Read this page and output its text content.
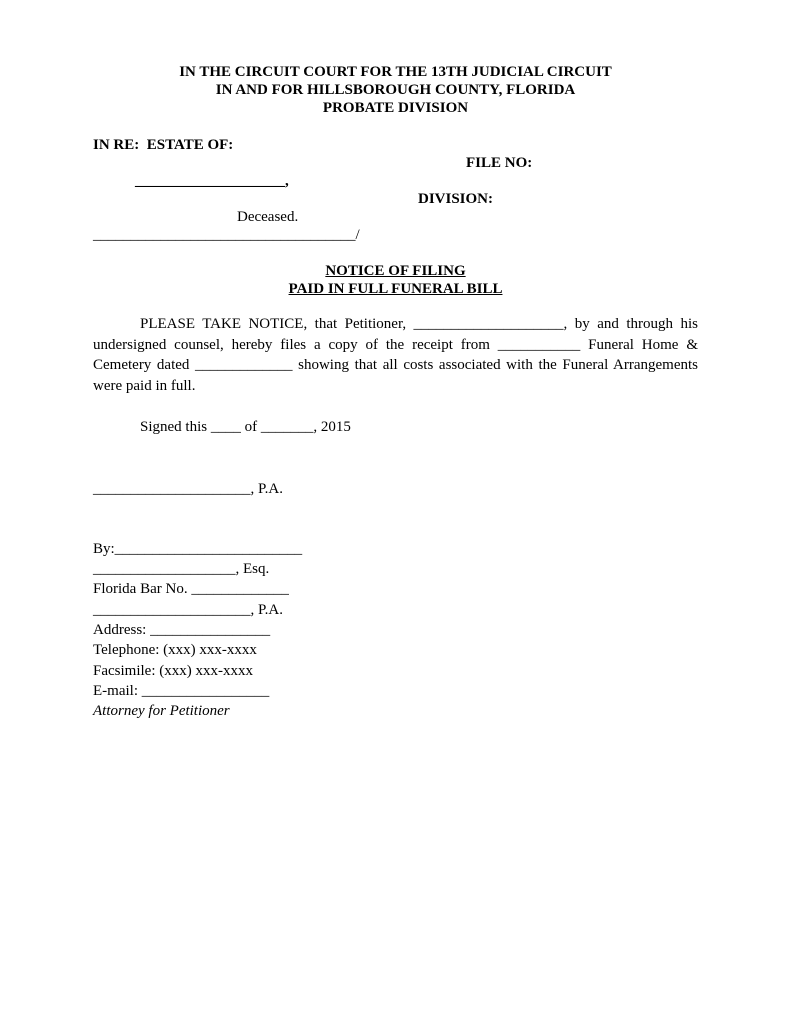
IN THE CIRCUIT COURT FOR THE 13TH JUDICIAL CIRCUIT
IN AND FOR HILLSBOROUGH COUNTY, FLORIDA
PROBATE DIVISION
IN RE:  ESTATE OF:
FILE NO:
____________________,
DIVISION:
Deceased.
___________________________________/
NOTICE OF FILING
PAID IN FULL FUNERAL BILL
PLEASE TAKE NOTICE, that Petitioner, ____________________, by and through his undersigned counsel, hereby files a copy of the receipt from ___________ Funeral Home & Cemetery dated _____________ showing that all costs associated with the Funeral Arrangements were paid in full.
Signed this ____ of _______, 2015
_____________________, P.A.
By:_________________________
___________________, Esq.
Florida Bar No. _____________
_____________________, P.A.
Address: ________________
Telephone: (xxx) xxx-xxxx
Facsimile: (xxx) xxx-xxxx
E-mail: _________________
Attorney for Petitioner
